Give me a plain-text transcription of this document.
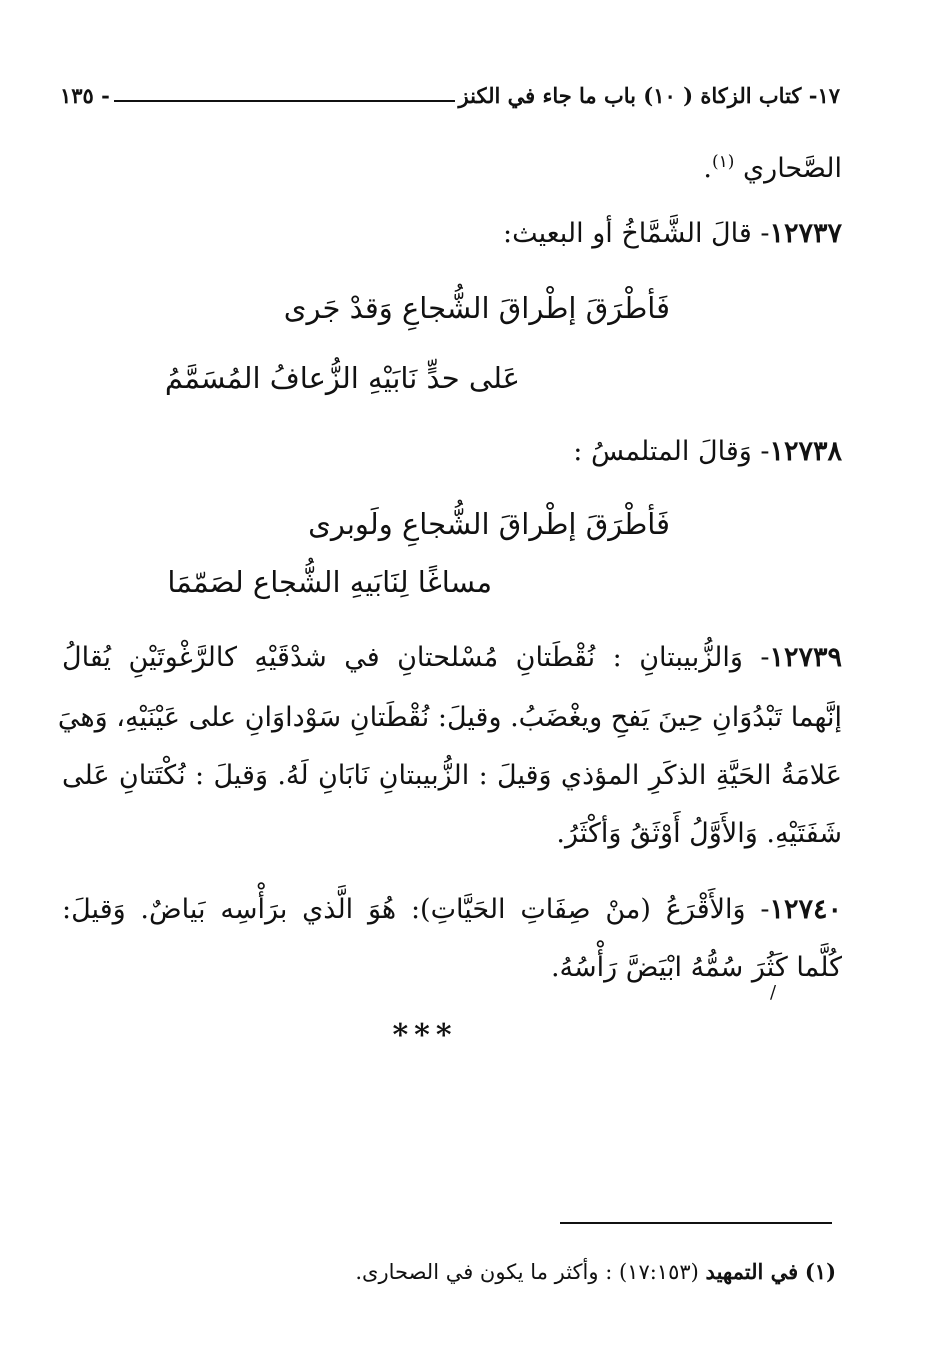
١٧- كتاب الزكاة ( ١٠) باب ما جاء في الكنز
- ١٣٥
الصَّحاري $^{(١)}$.
١٢٧٣٧- قالَ الشَّمَّاخُ أو البعيث:
فَأطْرَقَ إطْراقَ الشُّجاعِ وَقدْ جَرى
عَلى حدٍّ نَابَيْهِ الزُّعافُ المُسَمَّمُ
١٢٧٣٨- وَقالَ المتلمسُ :
فَأطْرَقَ إطْراقَ الشُّجاعِ ولَوبرى
مساغًا لِنَابَيهِ الشُّجاع لصَمّمَا
١٢٧٣٩- وَالزُّبيبتانِ : نُقْطَتانِ مُسْلحتانِ في شدْقَيْهِ كالرَّغْوتَيْنِ يُقالُ
إنَّهما تَبْدُوَانِ حِينَ يَفحِ ويغْضَبُ. وقيلَ: نُقْطَتانِ سَوْداوَانِ على عَيْنَيْهِ، وَهيَ
عَلامَةُ الحَيَّةِ الذكَرِ المؤذي وَقيلَ : الزُّبيبتانِ نَابَانِ لَهُ. وَقيلَ : نُكْتَتانِ عَلى
شَفَتَيْهِ. وَالأَوَّلُ أَوْثَقُ وَأكْثَرُ.
١٢٧٤٠- وَالأَقْرَعُ (منْ صِفَاتِ الحَيَّاتِ): هُوَ الَّذي برَأْسِه بَياضٌ. وَقيلَ:
كُلَّما كَثُرَ سُمُّهُ ابْيَضَّ رَأْسُهُ.
/
***
(١) في التمهيد (١٧:١٥٣) : وأكثر ما يكون في الصحارى.
